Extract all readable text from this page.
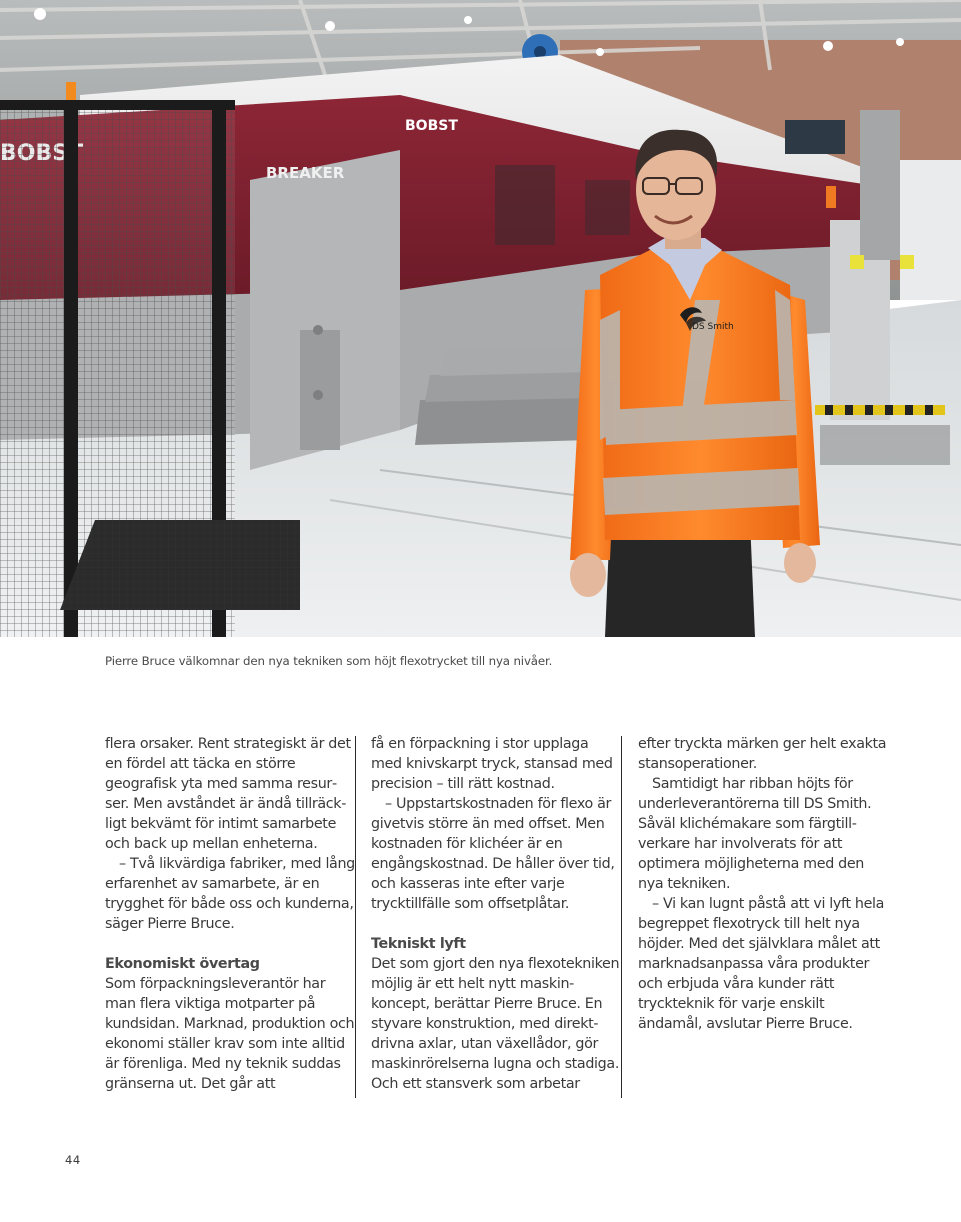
BOBST
BREAKER
DS Smith
Pierre Bruce välkomnar den nya tekniken som höjt flexotrycket till nya nivåer.

flera orsaker. Rent strategiskt är det en fördel att täcka en större geografisk yta med samma resurser. Men avståndet är ändå tillräckligt bekvämt för intimt samarbete och back up mellan enheterna.

– Två likvärdiga fabriker, med lång erfarenhet av samarbete, är en trygghet för både oss och kunderna, säger Pierre Bruce.

Ekonomiskt övertag

Som förpackningsleverantör har man flera viktiga motparter på kundsidan. Marknad, produktion och ekonomi ställer krav som inte alltid är förenliga. Med ny teknik suddas gränserna ut. Det går att

få en förpackning i stor upplaga med knivskarpt tryck, stansad med precision – till rätt kostnad.

– Uppstartskostnaden för flexo är givetvis större än med offset. Men kostnaden för klichéer är en engångskostnad. De håller över tid, och kasseras inte efter varje trycktillfälle som offsetplåtar.

Tekniskt lyft

Det som gjort den nya flexotekniken möjlig är ett helt nytt maskinkoncept, berättar Pierre Bruce. En styvare konstruktion, med direktdrivna axlar, utan växellådor, gör maskinrörelserna lugna och stadiga. Och ett stansverk som arbetar

efter tryckta märken ger helt exakta stansoperationer.

Samtidigt har ribban höjts för underleverantörerna till DS Smith. Såväl klichémakare som färgtillverkare har involverats för att optimera möjligheterna med den nya tekniken.

– Vi kan lugnt påstå att vi lyft hela begreppet flexotryck till helt nya höjder. Med det självklara målet att marknadsanpassa våra produkter och erbjuda våra kunder rätt tryckteknik för varje enskilt ändamål, avslutar Pierre Bruce.

44
